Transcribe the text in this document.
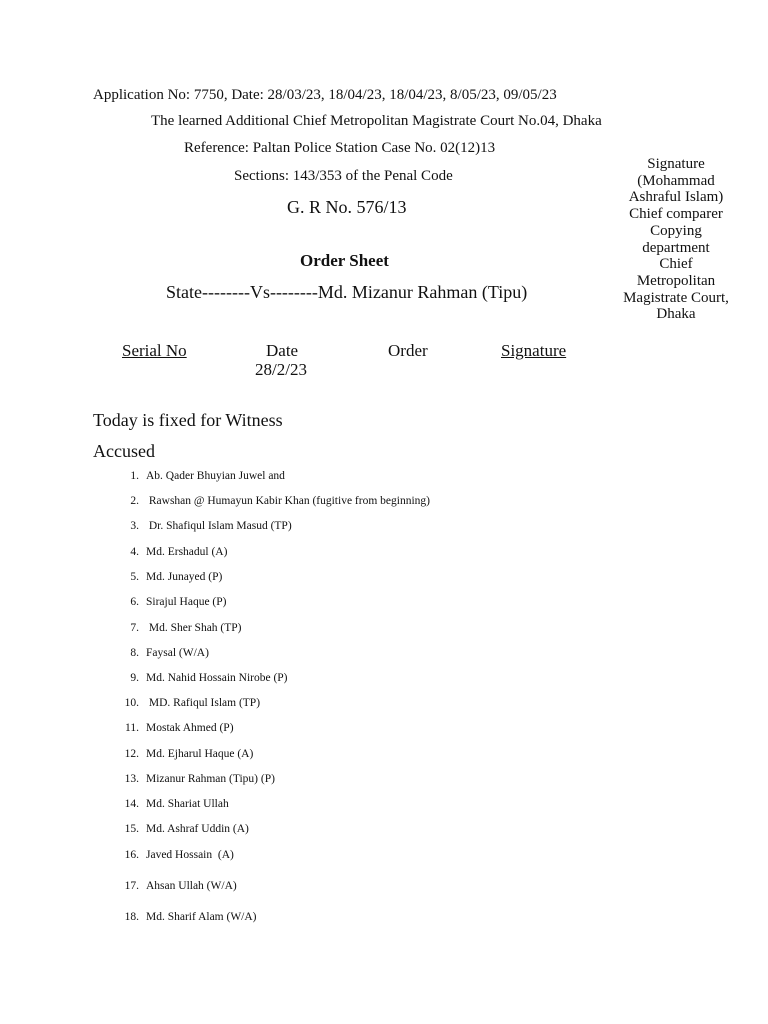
Application No: 7750, Date: 28/03/23, 18/04/23, 18/04/23, 8/05/23, 09/05/23
The learned Additional Chief Metropolitan Magistrate Court No.04, Dhaka
Reference: Paltan Police Station Case No. 02(12)13
Sections: 143/353 of the Penal Code
G. R No. 576/13
Signature
(Mohammad
Ashraful Islam)
Chief comparer
Copying
department
Chief
Metropolitan
Magistrate Court,
Dhaka
Order Sheet
State--------Vs--------Md. Mizanur Rahman (Tipu)
Serial No	Date	Order	Signature
28/2/23
Today is fixed for Witness
Accused
1. Ab. Qader Bhuyian Juwel and
2. Rawshan @ Humayun Kabir Khan (fugitive from beginning)
3. Dr. Shafiqul Islam Masud (TP)
4. Md. Ershadul (A)
5. Md. Junayed (P)
6. Sirajul Haque (P)
7. Md. Sher Shah (TP)
8. Faysal (W/A)
9. Md. Nahid Hossain Nirobe (P)
10. MD. Rafiqul Islam (TP)
11. Mostak Ahmed (P)
12. Md. Ejharul Haque (A)
13. Mizanur Rahman (Tipu) (P)
14. Md. Shariat Ullah
15. Md. Ashraf Uddin (A)
16. Javed Hossain  (A)
17. Ahsan Ullah (W/A)
18. Md. Sharif Alam (W/A)
